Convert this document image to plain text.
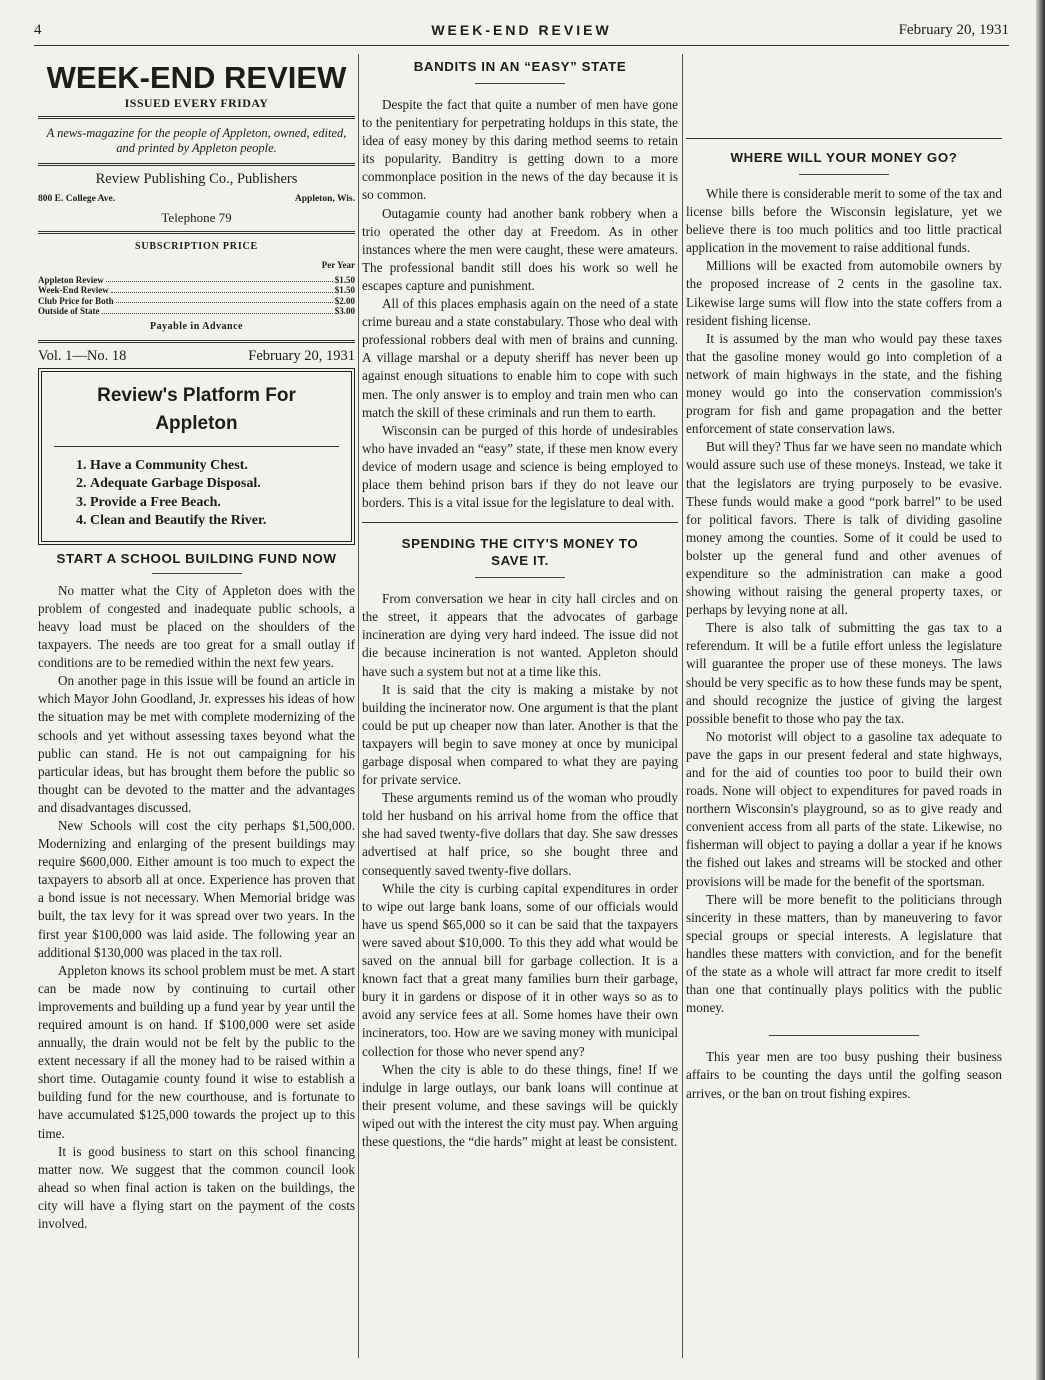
4	WEEK-END REVIEW	February 20, 1931
WEEK-END REVIEW
ISSUED EVERY FRIDAY
A news-magazine for the people of Appleton, owned, edited, and printed by Appleton people.
Review Publishing Co., Publishers
800 E. College Ave.	Appleton, Wis.
Telephone 79
SUBSCRIPTION PRICE
Per Year
Appleton Review	$1.50
Week-End Review	$1.50
Club Price for Both	$2.00
Outside of State	$3.00
Payable in Advance
Vol. 1—No. 18	February 20, 1931
Review's Platform For Appleton
1. Have a Community Chest.
2. Adequate Garbage Disposal.
3. Provide a Free Beach.
4. Clean and Beautify the River.
START A SCHOOL BUILDING FUND NOW

No matter what the City of Appleton does with the problem of congested and inadequate public schools, a heavy load must be placed on the shoulders of the taxpayers. The needs are too great for a small outlay if conditions are to be remedied within the next few years.

On another page in this issue will be found an article in which Mayor John Goodland, Jr. expresses his ideas of how the situation may be met with complete modernizing of the schools and yet without assessing taxes beyond what the public can stand. He is not out campaigning for his particular ideas, but has brought them before the public so thought can be devoted to the matter and the advantages and disadvantages discussed.

New Schools will cost the city perhaps $1,500,000. Modernizing and enlarging of the present buildings may require $600,000. Either amount is too much to expect the taxpayers to absorb all at once. Experience has proven that a bond issue is not necessary. When Memorial bridge was built, the tax levy for it was spread over two years. In the first year $100,000 was laid aside. The following year an additional $130,000 was placed in the tax roll.

Appleton knows its school problem must be met. A start can be made now by continuing to curtail other improvements and building up a fund year by year until the required amount is on hand. If $100,000 were set aside annually, the drain would not be felt by the public to the extent necessary if all the money had to be raised within a short time. Outagamie county found it wise to establish a building fund for the new courthouse, and is fortunate to have accumulated $125,000 towards the project up to this time.

It is good business to start on this school financing matter now. We suggest that the common council look ahead so when final action is taken on the buildings, the city will have a flying start on the payment of the costs involved.

BANDITS IN AN “EASY” STATE

Despite the fact that quite a number of men have gone to the penitentiary for perpetrating holdups in this state, the idea of easy money by this daring method seems to retain its popularity. Banditry is getting down to a more commonplace position in the news of the day because it is so common.

Outagamie county had another bank robbery when a trio operated the other day at Freedom. As in other instances where the men were caught, these were amateurs. The professional bandit still does his work so well he escapes capture and punishment.

All of this places emphasis again on the need of a state crime bureau and a state constabulary. Those who deal with professional robbers deal with men of brains and cunning. A village marshal or a deputy sheriff has never been up against enough situations to enable him to cope with such men. The only answer is to employ and train men who can match the skill of these criminals and run them to earth.

Wisconsin can be purged of this horde of undesirables who have invaded an “easy” state, if these men know every device of modern usage and science is being employed to place them behind prison bars if they do not leave our borders. This is a vital issue for the legislature to deal with.

SPENDING THE CITY'S MONEY TO SAVE IT.

From conversation we hear in city hall circles and on the street, it appears that the advocates of garbage incineration are dying very hard indeed. The issue did not die because incineration is not wanted. Appleton should have such a system but not at a time like this.

It is said that the city is making a mistake by not building the incinerator now. One argument is that the plant could be put up cheaper now than later. Another is that the taxpayers will begin to save money at once by municipal garbage disposal when compared to what they are paying for private service.

These arguments remind us of the woman who proudly told her husband on his arrival home from the office that she had saved twenty-five dollars that day. She saw dresses advertised at half price, so she bought three and consequently saved twenty-five dollars.

While the city is curbing capital expenditures in order to wipe out large bank loans, some of our officials would have us spend $65,000 so it can be said that the taxpayers were saved about $10,000. To this they add what would be saved on the annual bill for garbage collection. It is a known fact that a great many families burn their garbage, bury it in gardens or dispose of it in other ways so as to avoid any service fees at all. Some homes have their own incinerators, too. How are we saving money with municipal collection for those who never spend any?

When the city is able to do these things, fine! If we indulge in large outlays, our bank loans will continue at their present volume, and these savings will be quickly wiped out with the interest the city must pay. When arguing these questions, the “die hards” might at least be consistent.

WHERE WILL YOUR MONEY GO?

While there is considerable merit to some of the tax and license bills before the Wisconsin legislature, yet we believe there is too much politics and too little practical application in the movement to raise additional funds.

Millions will be exacted from automobile owners by the proposed increase of 2 cents in the gasoline tax. Likewise large sums will flow into the state coffers from a resident fishing license.

It is assumed by the man who would pay these taxes that the gasoline money would go into completion of a network of main highways in the state, and the fishing money would go into the conservation commission's program for fish and game propagation and the better enforcement of state conservation laws.

But will they? Thus far we have seen no mandate which would assure such use of these moneys. Instead, we take it that the legislators are trying purposely to be evasive. These funds would make a good “pork barrel” to be used for political favors. There is talk of dividing gasoline money among the counties. Some of it could be used to bolster up the general fund and other avenues of expenditure so the administration can make a good showing without raising the general property taxes, or perhaps by levying none at all.

There is also talk of submitting the gas tax to a referendum. It will be a futile effort unless the legislature will guarantee the proper use of these moneys. The laws should be very specific as to how these funds may be spent, and should recognize the justice of giving the largest possible benefit to those who pay the tax.

No motorist will object to a gasoline tax adequate to pave the gaps in our present federal and state highways, and for the aid of counties too poor to build their own roads. None will object to expenditures for paved roads in northern Wisconsin's playground, so as to give ready and convenient access from all parts of the state. Likewise, no fisherman will object to paying a dollar a year if he knows the fished out lakes and streams will be stocked and other provisions will be made for the benefit of the sportsman.

There will be more benefit to the politicians through sincerity in these matters, than by maneuvering to favor special groups or special interests. A legislature that handles these matters with conviction, and for the benefit of the state as a whole will attract far more credit to itself than one that continually plays politics with the public money.

This year men are too busy pushing their business affairs to be counting the days until the golfing season arrives, or the ban on trout fishing expires.
